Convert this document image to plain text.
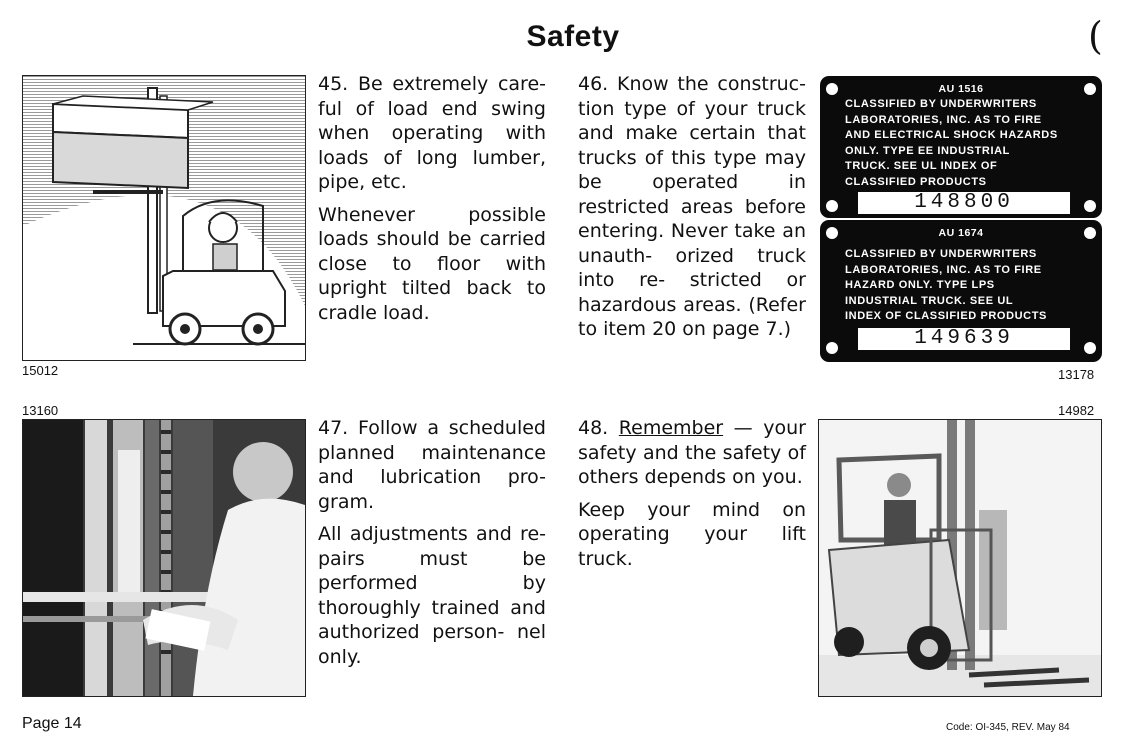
Safety	(
15012

45. Be extremely care- ful of load end swing when operating with loads of long lumber, pipe, etc.

Whenever possible loads should be carried close to floor with upright tilted back to cradle load.

46. Know the construc- tion type of your truck and make certain that trucks of this type may be operated in restricted areas before entering. Never take an unauth- orized truck into re- stricted or hazardous areas. (Refer to item 20 on page 7.)

AU 1516
CLASSIFIED BY UNDERWRITERS
LABORATORIES, INC. AS TO FIRE
AND ELECTRICAL SHOCK HAZARDS
ONLY. TYPE EE INDUSTRIAL
TRUCK. SEE UL INDEX OF
CLASSIFIED PRODUCTS
148800
AU 1674
CLASSIFIED BY UNDERWRITERS
LABORATORIES, INC. AS TO FIRE
HAZARD ONLY. TYPE LPS
INDUSTRIAL TRUCK. SEE UL
INDEX OF CLASSIFIED PRODUCTS
149639
13178
13160

47. Follow a scheduled planned maintenance and lubrication pro- gram.

All adjustments and re- pairs must be performed by thoroughly trained and authorized person- nel only.

48. Remember — your safety and the safety of others depends on you.

Keep your mind on operating your lift truck.

14982
Page 14	Code: OI-345, REV. May 84
